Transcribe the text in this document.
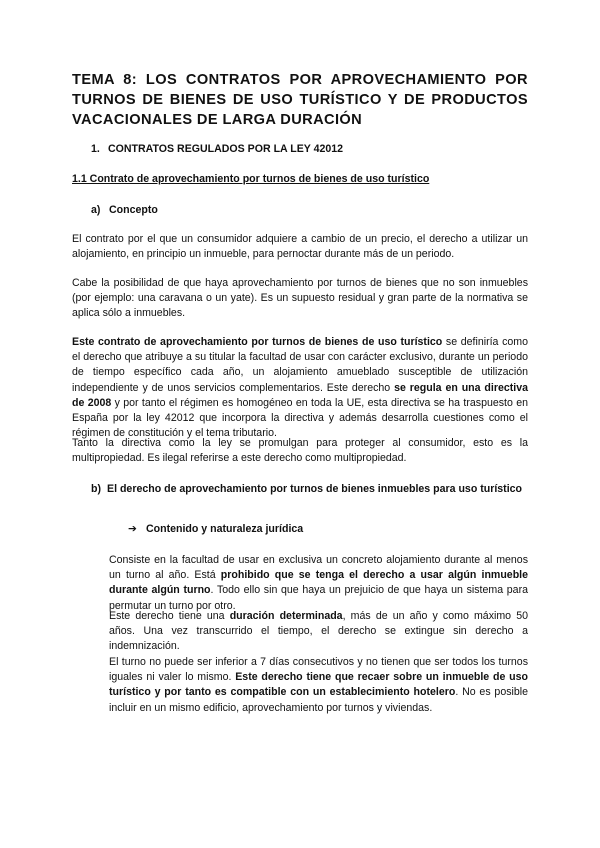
TEMA 8: LOS CONTRATOS POR APROVECHAMIENTO POR TURNOS DE BIENES DE USO TURÍSTICO Y DE PRODUCTOS VACACIONALES DE LARGA DURACIÓN
1. CONTRATOS REGULADOS POR LA LEY 42012
1.1 Contrato de aprovechamiento por turnos de bienes de uso turístico
a) Concepto

El contrato por el que un consumidor adquiere a cambio de un precio, el derecho a utilizar un alojamiento, en principio un inmueble, para pernoctar durante más de un periodo.

Cabe la posibilidad de que haya aprovechamiento por turnos de bienes que no son inmuebles (por ejemplo: una caravana o un yate). Es un supuesto residual y gran parte de la normativa se aplica sólo a inmuebles.

Este contrato de aprovechamiento por turnos de bienes de uso turístico se definiría como el derecho que atribuye a su titular la facultad de usar con carácter exclusivo, durante un periodo de tiempo específico cada año, un alojamiento amueblado susceptible de utilización independiente y de unos servicios complementarios. Este derecho se regula en una directiva de 2008 y por tanto el régimen es homogéneo en toda la UE, esta directiva se ha traspuesto en España por la ley 42012 que incorpora la directiva y además desarrolla cuestiones como el régimen de constitución y el tema tributario.

Tanto la directiva como la ley se promulgan para proteger al consumidor, esto es la multipropiedad. Es ilegal referirse a este derecho como multipropiedad.

b) El derecho de aprovechamiento por turnos de bienes inmuebles para uso turístico
➔ Contenido y naturaleza jurídica

Consiste en la facultad de usar en exclusiva un concreto alojamiento durante al menos un turno al año. Está prohibido que se tenga el derecho a usar algún inmueble durante algún turno. Todo ello sin que haya un prejuicio de que haya un sistema para permutar un turno por otro.

Este derecho tiene una duración determinada, más de un año y como máximo 50 años. Una vez transcurrido el tiempo, el derecho se extingue sin derecho a indemnización.

El turno no puede ser inferior a 7 días consecutivos y no tienen que ser todos los turnos iguales ni valer lo mismo. Este derecho tiene que recaer sobre un inmueble de uso turístico y por tanto es compatible con un establecimiento hotelero. No es posible incluir en un mismo edificio, aprovechamiento por turnos y viviendas.
